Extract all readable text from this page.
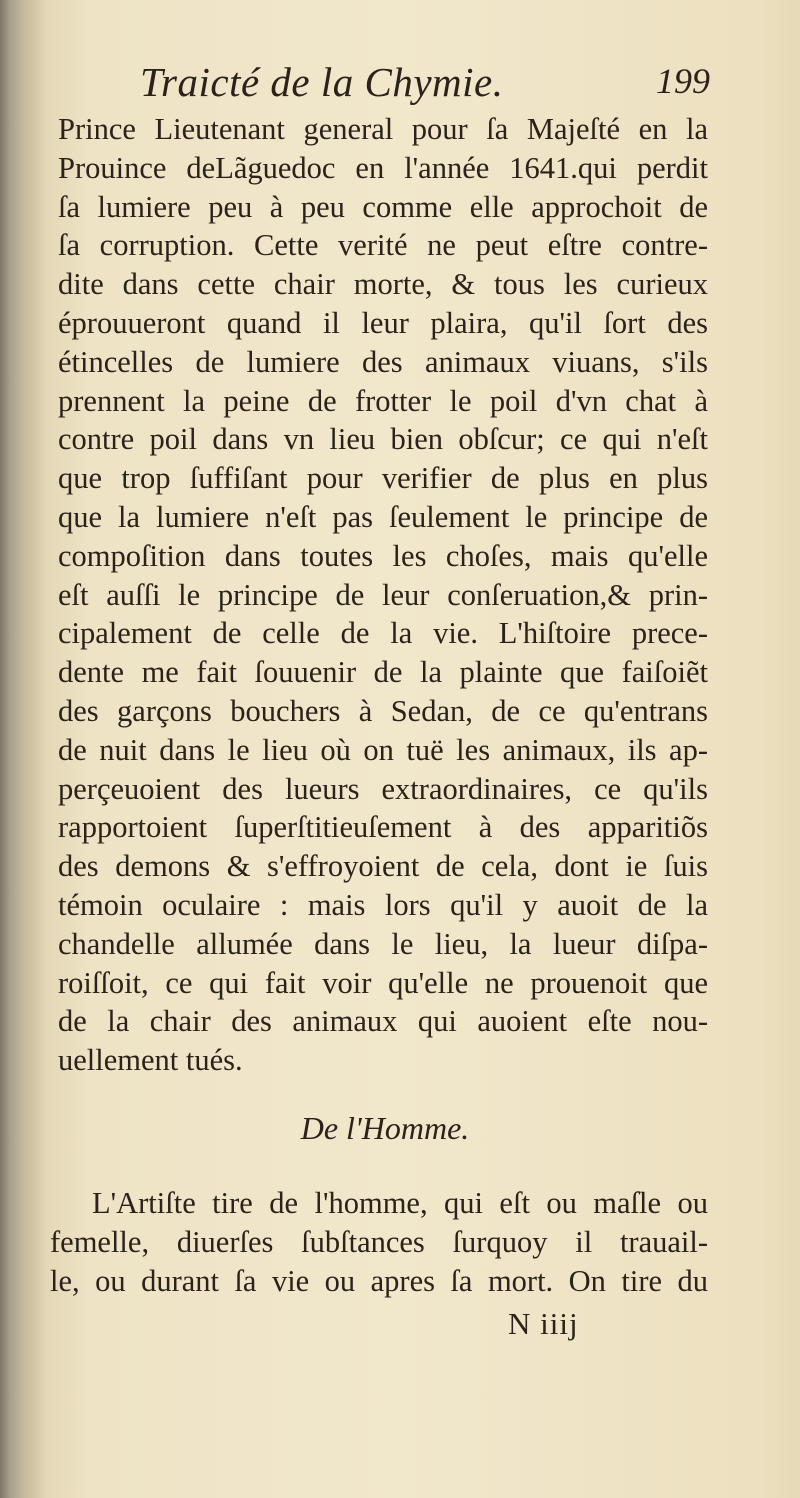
Traicté de la Chymie.	199
Prince Lieutenant general pour ſa Majeſté en la
Prouince deLãguedoc en l'année 1641.qui perdit
ſa lumiere peu à peu comme elle approchoit de
ſa corruption. Cette verité ne peut eſtre contre-
dite dans cette chair morte, & tous les curieux
éprouueront quand il leur plaira, qu'il ſort des
étincelles de lumiere des animaux viuans, s'ils
prennent la peine de frotter le poil d'vn chat à
contre poil dans vn lieu bien obſcur; ce qui n'eſt
que trop ſuffiſant pour verifier de plus en plus
que la lumiere n'eſt pas ſeulement le principe de
compoſition dans toutes les choſes, mais qu'elle
eſt auſſi le principe de leur conſeruation,& prin-
cipalement de celle de la vie. L'hiſtoire prece-
dente me fait ſouuenir de la plainte que faiſoiẽt
des garçons bouchers à Sedan, de ce qu'entrans
de nuit dans le lieu où on tuë les animaux, ils ap-
perçeuoient des lueurs extraordinaires, ce qu'ils
rapportoient ſuperſtitieuſement à des apparitiõs
des demons & s'effroyoient de cela, dont ie ſuis
témoin oculaire : mais lors qu'il y auoit de la
chandelle allumée dans le lieu, la lueur diſpa-
roiſſoit, ce qui fait voir qu'elle ne prouenoit que
de la chair des animaux qui auoient eſte nou-
uellement tués.
De l'Homme.
L'Artiſte tire de l'homme, qui eſt ou maſle ou
femelle, diuerſes ſubſtances ſurquoy il trauail-
le, ou durant ſa vie ou apres ſa mort. On tire du
N iiij
